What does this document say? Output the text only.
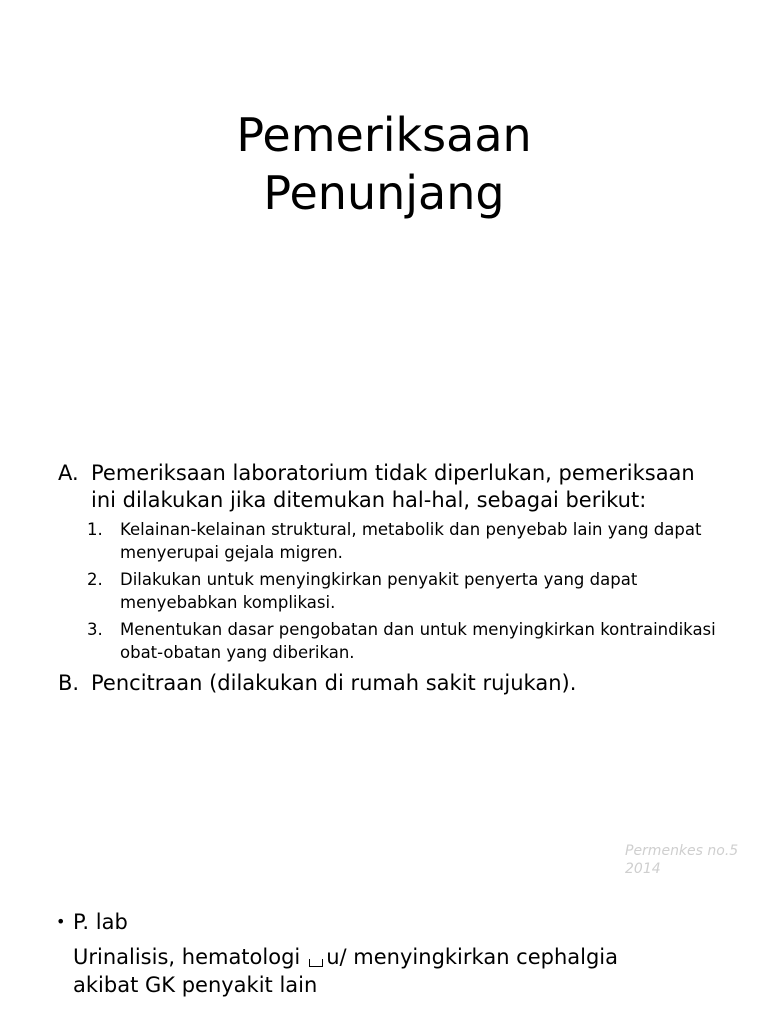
Pemeriksaan
Penunjang
A. Pemeriksaan laboratorium tidak diperlukan, pemeriksaan ini dilakukan jika ditemukan hal-hal, sebagai berikut:
1. Kelainan-kelainan struktural, metabolik dan penyebab lain yang dapat menyerupai gejala migren.
2. Dilakukan untuk menyingkirkan penyakit penyerta yang dapat menyebabkan komplikasi.
3. Menentukan dasar pengobatan dan untuk menyingkirkan kontraindikasi obat-obatan yang diberikan.
B. Pencitraan (dilakukan di rumah sakit rujukan).
Permenkes no.5 2014
• P. lab
Urinalisis, hematologi u/ menyingkirkan cephalgia
akibat GK penyakit lain
